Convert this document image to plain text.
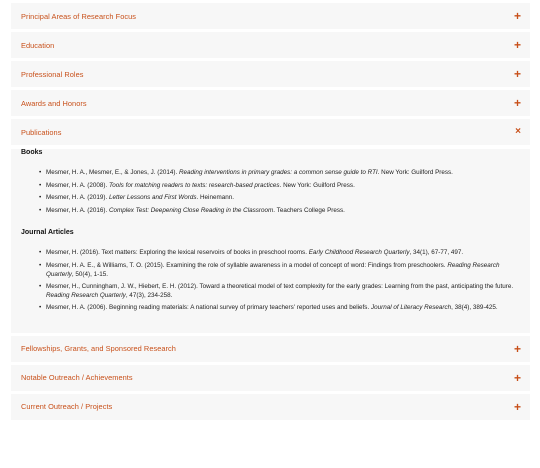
Principal Areas of Research Focus	+
Education	+
Professional Roles	+
Awards and Honors	+
Publications	×
Books
• Mesmer, H. A., Mesmer, E., & Jones, J. (2014). Reading interventions in primary grades: a common sense guide to RTI. New York: Guilford Press.
• Mesmer, H. A. (2008). Tools for matching readers to texts: research-based practices. New York: Guilford Press.
• Mesmer, H. A. (2019). Letter Lessons and First Words. Heinemann.
• Mesmer, H. A. (2016). Complex Test: Deepening Close Reading in the Classroom. Teachers College Press.
Journal Articles
• Mesmer, H. (2016). Text matters: Exploring the lexical reservoirs of books in preschool rooms. Early Childhood Research Quarterly, 34(1), 67-77, 497.
• Mesmer, H. A. E., & Williams, T. O. (2015). Examining the role of syllable awareness in a model of concept of word: Findings from preschoolers. Reading Research Quarterly, 50(4), 1-15.
• Mesmer, H., Cunningham, J. W., Hiebert, E. H. (2012). Toward a theoretical model of text complexity for the early grades: Learning from the past, anticipating the future. Reading Research Quarterly, 47(3), 234-258.
• Mesmer, H. A. (2006). Beginning reading materials: A national survey of primary teachers' reported uses and beliefs. Journal of Literacy Research, 38(4), 389-425.
Fellowships, Grants, and Sponsored Research	+
Notable Outreach / Achievements	+
Current Outreach / Projects	+
